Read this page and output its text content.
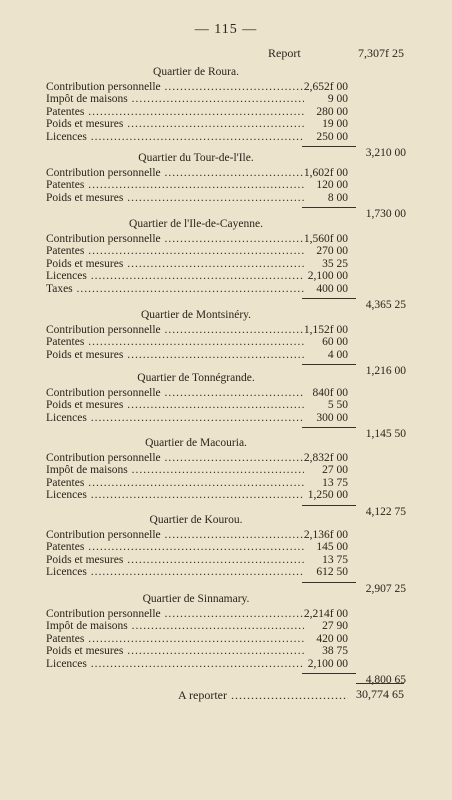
— 115 —
Report	7,307f 25
Quartier de Roura.
Contribution personnelle .....	2,652f 00
Impôt de maisons .....	9 00
Patentes .....	280 00
Poids et mesures .....	19 00
Licences .....	250 00
3,210 00
Quartier du Tour-de-l'Ile.
Contribution personnelle .....	1,602f 00
Patentes .....	120 00
Poids et mesures .....	8 00
1,730 00
Quartier de l'Ile-de-Cayenne.
Contribution personnelle .....	1,560f 00
Patentes .....	270 00
Poids et mesures .....	35 25
Licences .....	2,100 00
Taxes .....	400 00
4,365 25
Quartier de Montsinéry.
Contribution personnelle .....	1,152f 00
Patentes .....	60 00
Poids et mesures .....	4 00
1,216 00
Quartier de Tonnégrande.
Contribution personnelle .....	840f 00
Poids et mesures .....	5 50
Licences .....	300 00
1,145 50
Quartier de Macouria.
Contribution personnelle .....	2,832f 00
Impôt de maisons .....	27 00
Patentes .....	13 75
Licences .....	1,250 00
4,122 75
Quartier de Kourou.
Contribution personnelle .....	2,136f 00
Patentes .....	145 00
Poids et mesures .....	13 75
Licences .....	612 50
2,907 25
Quartier de Sinnamary.
Contribution personnelle .....	2,214f 00
Impôt de maisons .....	27 90
Patentes .....	420 00
Poids et mesures .....	38 75
Licences .....	2,100 00
4,800 65
A reporter .....	30,774 65
